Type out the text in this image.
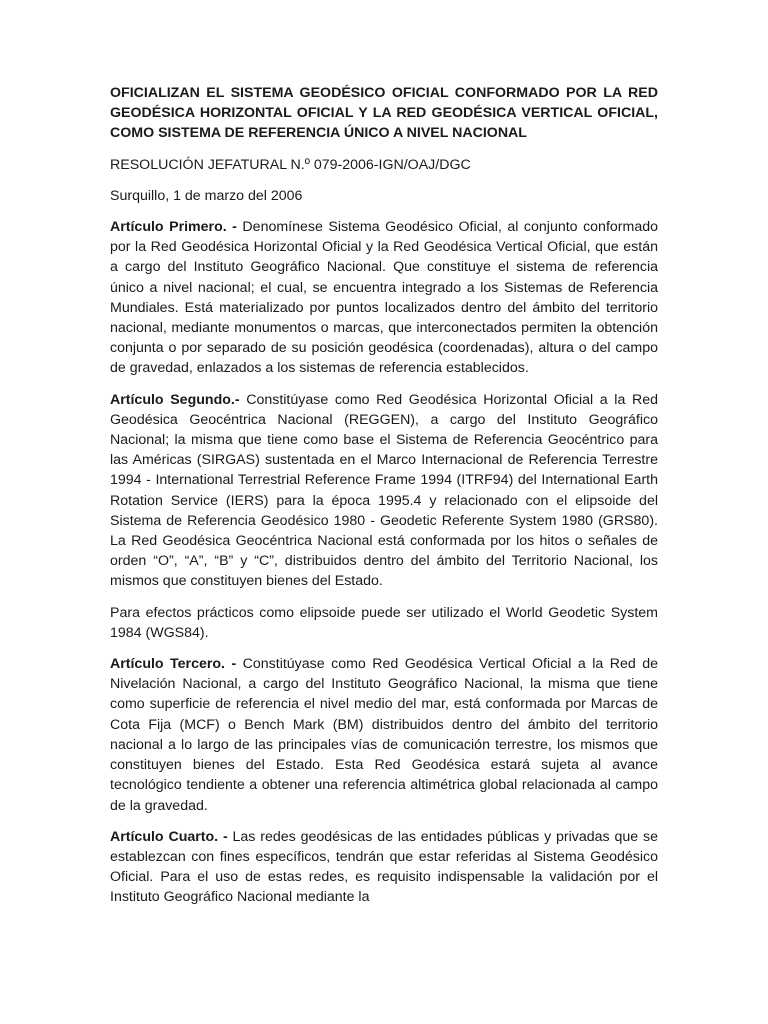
OFICIALIZAN EL SISTEMA GEODÉSICO OFICIAL CONFORMADO POR LA RED GEODÉSICA HORIZONTAL OFICIAL Y LA RED GEODÉSICA VERTICAL OFICIAL, COMO SISTEMA DE REFERENCIA ÚNICO A NIVEL NACIONAL
RESOLUCIÓN JEFATURAL N.º 079-2006-IGN/OAJ/DGC
Surquillo, 1 de marzo del 2006
Artículo Primero. - Denomínese Sistema Geodésico Oficial, al conjunto conformado por la Red Geodésica Horizontal Oficial y la Red Geodésica Vertical Oficial, que están a cargo del Instituto Geográfico Nacional. Que constituye el sistema de referencia único a nivel nacional; el cual, se encuentra integrado a los Sistemas de Referencia Mundiales. Está materializado por puntos localizados dentro del ámbito del territorio nacional, mediante monumentos o marcas, que interconectados permiten la obtención conjunta o por separado de su posición geodésica (coordenadas), altura o del campo de gravedad, enlazados a los sistemas de referencia establecidos.
Artículo Segundo.- Constitúyase como Red Geodésica Horizontal Oficial a la Red Geodésica Geocéntrica Nacional (REGGEN), a cargo del Instituto Geográfico Nacional; la misma que tiene como base el Sistema de Referencia Geocéntrico para las Américas (SIRGAS) sustentada en el Marco Internacional de Referencia Terrestre 1994 - International Terrestrial Reference Frame 1994 (ITRF94) del International Earth Rotation Service (IERS) para la época 1995.4 y relacionado con el elipsoide del Sistema de Referencia Geodésico 1980 - Geodetic Referente System 1980 (GRS80). La Red Geodésica Geocéntrica Nacional está conformada por los hitos o señales de orden “O”, “A”, “B” y “C”, distribuidos dentro del ámbito del Territorio Nacional, los mismos que constituyen bienes del Estado.
Para efectos prácticos como elipsoide puede ser utilizado el World Geodetic System 1984 (WGS84).
Artículo Tercero. - Constitúyase como Red Geodésica Vertical Oficial a la Red de Nivelación Nacional, a cargo del Instituto Geográfico Nacional, la misma que tiene como superficie de referencia el nivel medio del mar, está conformada por Marcas de Cota Fija (MCF) o Bench Mark (BM) distribuidos dentro del ámbito del territorio nacional a lo largo de las principales vías de comunicación terrestre, los mismos que constituyen bienes del Estado. Esta Red Geodésica estará sujeta al avance tecnológico tendiente a obtener una referencia altimétrica global relacionada al campo de la gravedad.
Artículo Cuarto. - Las redes geodésicas de las entidades públicas y privadas que se establezcan con fines específicos, tendrán que estar referidas al Sistema Geodésico Oficial. Para el uso de estas redes, es requisito indispensable la validación por el Instituto Geográfico Nacional mediante la
